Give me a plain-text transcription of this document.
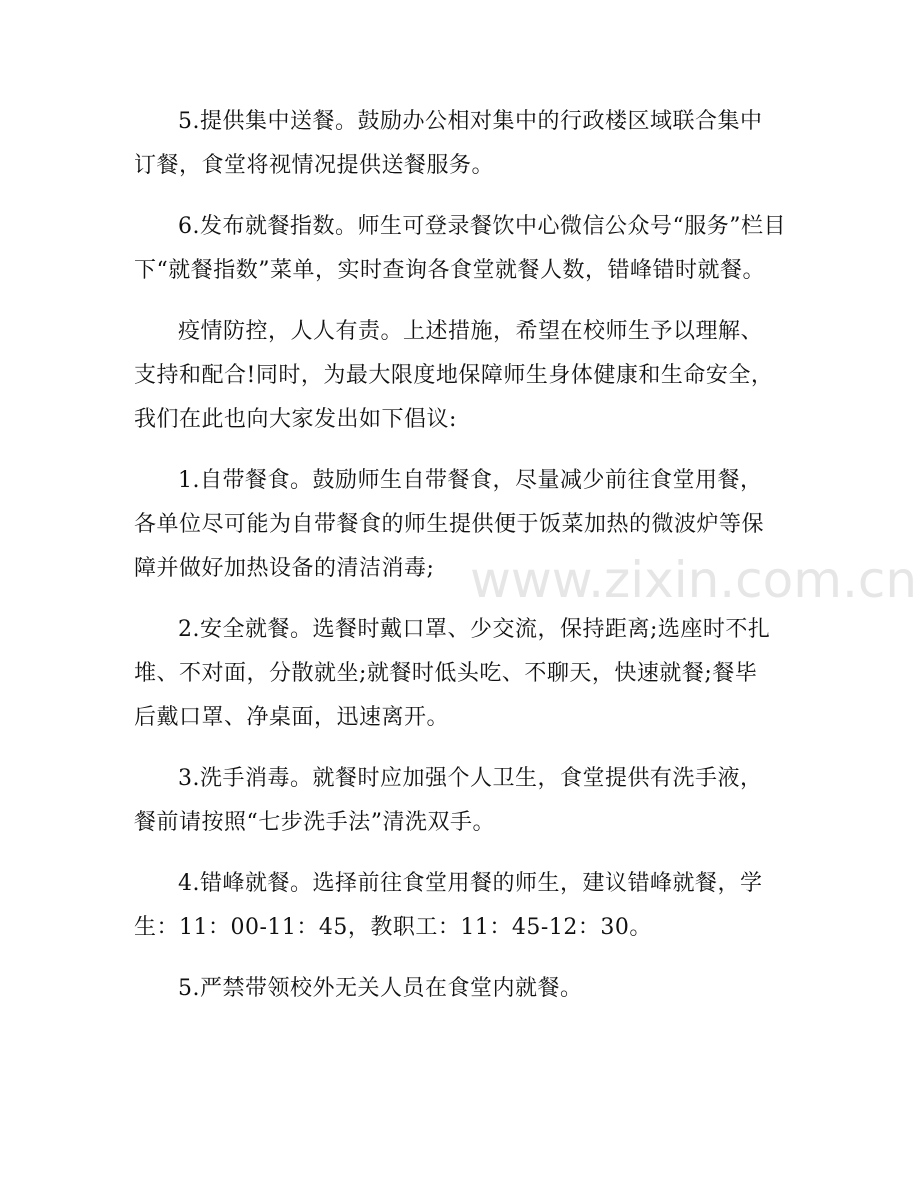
www.zixin.com.cn
5.提供集中送餐。鼓励办公相对集中的行政楼区域联合集中
订餐，食堂将视情况提供送餐服务。
6.发布就餐指数。师生可登录餐饮中心微信公众号“服务”栏目
下“就餐指数”菜单，实时查询各食堂就餐人数，错峰错时就餐。
疫情防控，人人有责。上述措施，希望在校师生予以理解、
支持和配合!同时，为最大限度地保障师生身体健康和生命安全，
我们在此也向大家发出如下倡议:
1.自带餐食。鼓励师生自带餐食，尽量减少前往食堂用餐，
各单位尽可能为自带餐食的师生提供便于饭菜加热的微波炉等保
障并做好加热设备的清洁消毒;
2.安全就餐。选餐时戴口罩、少交流，保持距离;选座时不扎
堆、不对面，分散就坐;就餐时低头吃、不聊天，快速就餐;餐毕
后戴口罩、净桌面，迅速离开。
3.洗手消毒。就餐时应加强个人卫生，食堂提供有洗手液，
餐前请按照“七步洗手法”清洗双手。
4.错峰就餐。选择前往食堂用餐的师生，建议错峰就餐，学
生：11：00-11：45，教职工：11：45-12：30。
5.严禁带领校外无关人员在食堂内就餐。
